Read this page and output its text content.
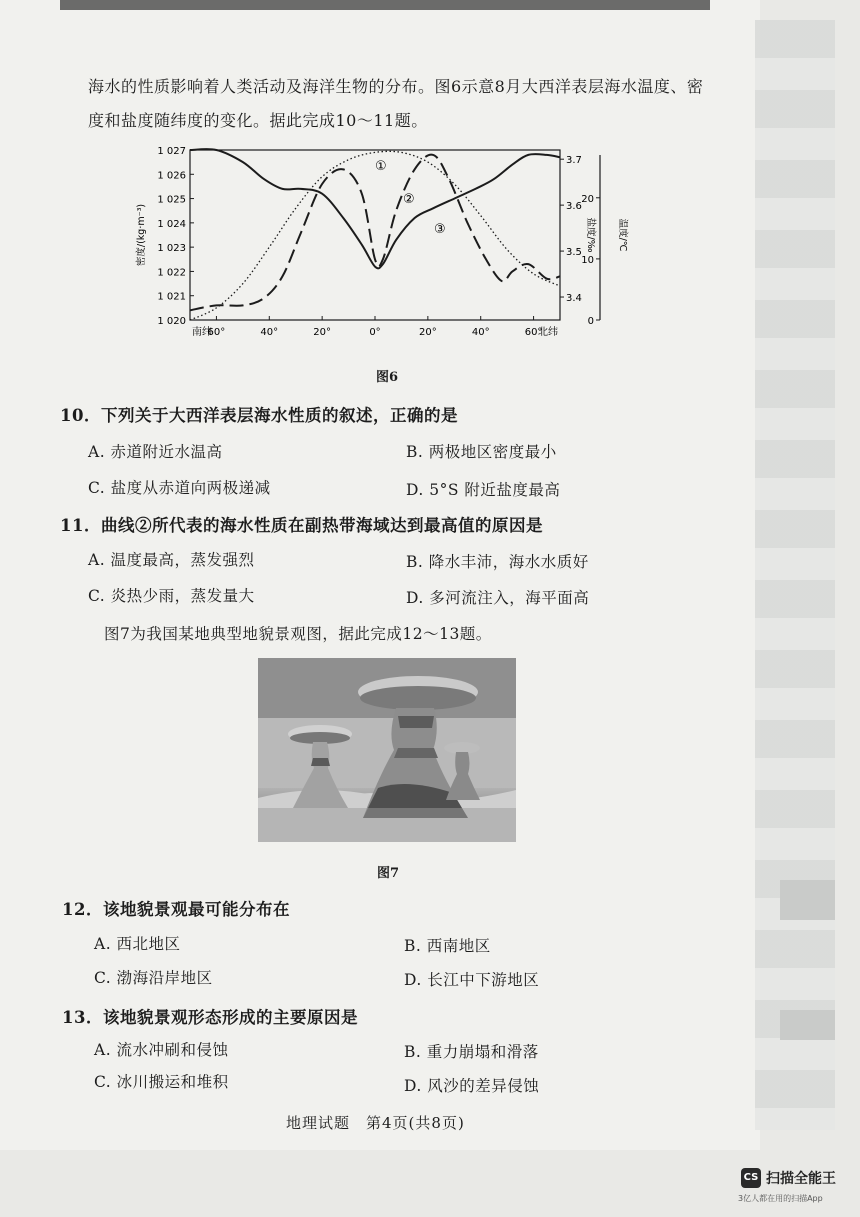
海水的性质影响着人类活动及海洋生物的分布。图6示意8月大西洋表层海水温度、密
度和盐度随纬度的变化。据此完成10～11题。
1 027
1 026
1 025
1 024
1 023
1 022
1 021
1 020
南纬
60°	40°	20°	0°	20°	40°	60°
北纬
3.7
3.6
3.5
3.4
20
10
0
①
②
③
密度/(kg·m⁻³)	盐度/‰ 温度/℃
图6
10．下列关于大西洋表层海水性质的叙述，正确的是
A. 赤道附近水温高	B. 两极地区密度最小
C. 盐度从赤道向两极递减	D. 5°S 附近盐度最高
11．曲线②所代表的海水性质在副热带海域达到最高值的原因是
A. 温度最高，蒸发强烈	B. 降水丰沛，海水水质好
C. 炎热少雨，蒸发量大	D. 多河流注入，海平面高
图7为我国某地典型地貌景观图，据此完成12～13题。
图7
12．该地貌景观最可能分布在
A. 西北地区	B. 西南地区
C. 渤海沿岸地区	D. 长江中下游地区
13．该地貌景观形态形成的主要原因是
A. 流水冲刷和侵蚀	B. 重力崩塌和滑落
C. 冰川搬运和堆积	D. 风沙的差异侵蚀
地理试题　第4页(共8页)
CS 扫描全能王
3亿人都在用的扫描App
